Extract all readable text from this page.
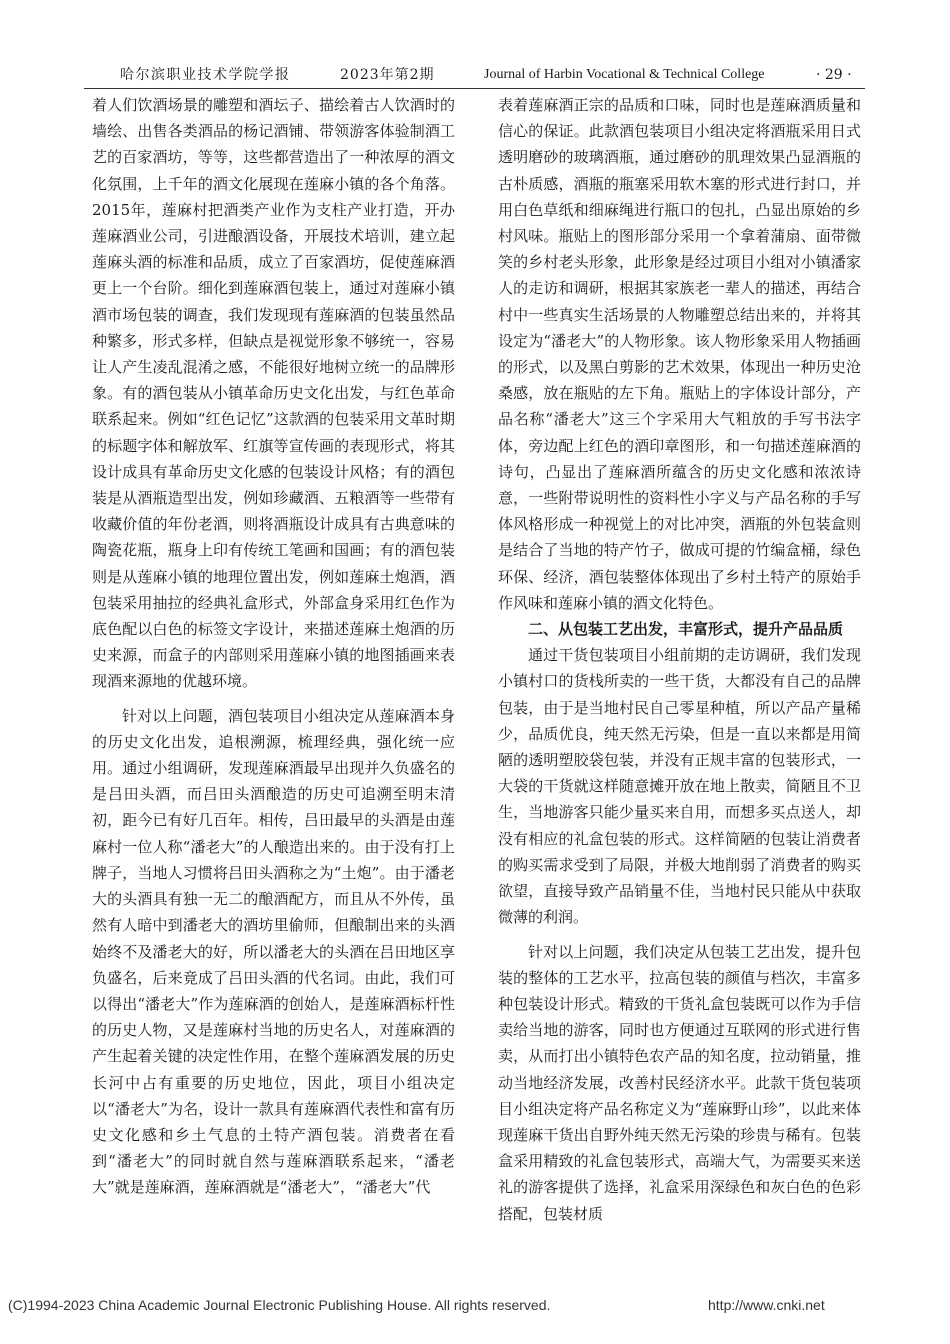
哈尔滨职业技术学院学报	2023年第2期	Journal of Harbin Vocational & Technical College	· 29 ·

着人们饮酒场景的雕塑和酒坛子、描绘着古人饮酒时的墙绘、出售各类酒品的杨记酒铺、带领游客体验制酒工艺的百家酒坊，等等，这些都营造出了一种浓厚的酒文化氛围，上千年的酒文化展现在莲麻小镇的各个角落。2015年，莲麻村把酒类产业作为支柱产业打造，开办莲麻酒业公司，引进酿酒设备，开展技术培训，建立起莲麻头酒的标准和品质，成立了百家酒坊，促使莲麻酒更上一个台阶。细化到莲麻酒包装上，通过对莲麻小镇酒市场包装的调查，我们发现现有莲麻酒的包装虽然品种繁多，形式多样，但缺点是视觉形象不够统一，容易让人产生凌乱混淆之感，不能很好地树立统一的品牌形象。有的酒包装从小镇革命历史文化出发，与红色革命联系起来。例如“红色记忆”这款酒的包装采用文革时期的标题字体和解放军、红旗等宣传画的表现形式，将其设计成具有革命历史文化感的包装设计风格；有的酒包装是从酒瓶造型出发，例如珍藏酒、五粮酒等一些带有收藏价值的年份老酒，则将酒瓶设计成具有古典意味的陶瓷花瓶，瓶身上印有传统工笔画和国画；有的酒包装则是从莲麻小镇的地理位置出发，例如莲麻土炮酒，酒包装采用抽拉的经典礼盒形式，外部盒身采用红色作为底色配以白色的标签文字设计，来描述莲麻土炮酒的历史来源，而盒子的内部则采用莲麻小镇的地图插画来表现酒来源地的优越环境。

针对以上问题，酒包装项目小组决定从莲麻酒本身的历史文化出发，追根溯源，梳理经典，强化统一应用。通过小组调研，发现莲麻酒最早出现并久负盛名的是吕田头酒，而吕田头酒酿造的历史可追溯至明末清初，距今已有好几百年。相传，吕田最早的头酒是由莲麻村一位人称“潘老大”的人酿造出来的。由于没有打上牌子，当地人习惯将吕田头酒称之为“土炮”。由于潘老大的头酒具有独一无二的酿酒配方，而且从不外传，虽然有人暗中到潘老大的酒坊里偷师，但酿制出来的头酒始终不及潘老大的好，所以潘老大的头酒在吕田地区享负盛名，后来竟成了吕田头酒的代名词。由此，我们可以得出“潘老大”作为莲麻酒的创始人，是莲麻酒标杆性的历史人物，又是莲麻村当地的历史名人，对莲麻酒的产生起着关键的决定性作用，在整个莲麻酒发展的历史长河中占有重要的历史地位，因此，项目小组决定以“潘老大”为名，设计一款具有莲麻酒代表性和富有历史文化感和乡土气息的土特产酒包装。消费者在看到“潘老大”的同时就自然与莲麻酒联系起来，“潘老大”就是莲麻酒，莲麻酒就是“潘老大”，“潘老大”代

表着莲麻酒正宗的品质和口味，同时也是莲麻酒质量和信心的保证。此款酒包装项目小组决定将酒瓶采用日式透明磨砂的玻璃酒瓶，通过磨砂的肌理效果凸显酒瓶的古朴质感，酒瓶的瓶塞采用软木塞的形式进行封口，并用白色草纸和细麻绳进行瓶口的包扎，凸显出原始的乡村风味。瓶贴上的图形部分采用一个拿着蒲扇、面带微笑的乡村老头形象，此形象是经过项目小组对小镇潘家人的走访和调研，根据其家族老一辈人的描述，再结合村中一些真实生活场景的人物雕塑总结出来的，并将其设定为“潘老大”的人物形象。该人物形象采用人物插画的形式，以及黑白剪影的艺术效果，体现出一种历史沧桑感，放在瓶贴的左下角。瓶贴上的字体设计部分，产品名称“潘老大”这三个字采用大气粗放的手写书法字体，旁边配上红色的酒印章图形，和一句描述莲麻酒的诗句，凸显出了莲麻酒所蕴含的历史文化感和浓浓诗意，一些附带说明性的资料性小字义与产品名称的手写体风格形成一种视觉上的对比冲突，酒瓶的外包装盒则是结合了当地的特产竹子，做成可提的竹编盒桶，绿色环保、经济，酒包装整体体现出了乡村土特产的原始手作风味和莲麻小镇的酒文化特色。

二、从包装工艺出发，丰富形式，提升产品品质

通过干货包装项目小组前期的走访调研，我们发现小镇村口的货栈所卖的一些干货，大都没有自己的品牌包装，由于是当地村民自己零星种植，所以产品产量稀少，品质优良，纯天然无污染，但是一直以来都是用简陋的透明塑胶袋包装，并没有正规丰富的包装形式，一大袋的干货就这样随意摊开放在地上散卖，简陋且不卫生，当地游客只能少量买来自用，而想多买点送人，却没有相应的礼盒包装的形式。这样简陋的包装让消费者的购买需求受到了局限，并极大地削弱了消费者的购买欲望，直接导致产品销量不佳，当地村民只能从中获取微薄的利润。

针对以上问题，我们决定从包装工艺出发，提升包装的整体的工艺水平，拉高包装的颜值与档次，丰富多种包装设计形式。精致的干货礼盒包装既可以作为手信卖给当地的游客，同时也方便通过互联网的形式进行售卖，从而打出小镇特色农产品的知名度，拉动销量，推动当地经济发展，改善村民经济水平。此款干货包装项目小组决定将产品名称定义为“莲麻野山珍”，以此来体现莲麻干货出自野外纯天然无污染的珍贵与稀有。包装盒采用精致的礼盒包装形式，高端大气，为需要买来送礼的游客提供了选择，礼盒采用深绿色和灰白色的色彩搭配，包装材质

(C)1994-2023 China Academic Journal Electronic Publishing House. All rights reserved.	http://www.cnki.net
